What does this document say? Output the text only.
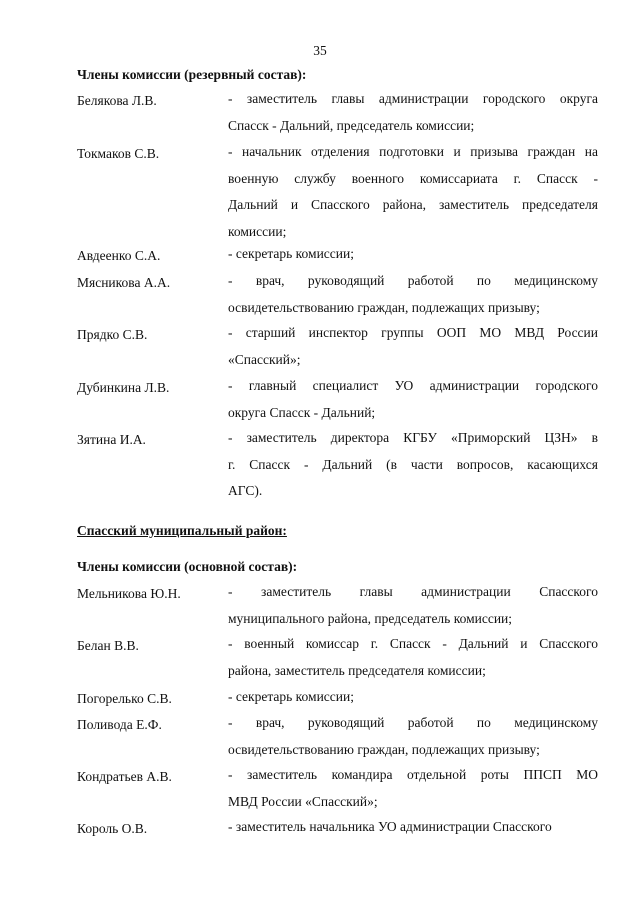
35
Члены комиссии (резервный состав):
Белякова Л.В.	- заместитель главы администрации городского округа
Спасск - Дальний, председатель комиссии;
Токмаков С.В.	- начальник отделения подготовки и призыва граждан на
военную службу военного комиссариата г. Спасск -
Дальний и Спасского района, заместитель председателя
комиссии;
Авдеенко С.А.	- секретарь комиссии;
Мясникова А.А.	- врач, руководящий работой по медицинскому
освидетельствованию граждан, подлежащих призыву;
Прядко С.В.	- старший инспектор группы ООП МО МВД России
«Спасский»;
Дубинкина Л.В.	- главный специалист УО администрации городского
округа Спасск - Дальний;
Зятина И.А.	- заместитель директора КГБУ «Приморский ЦЗН» в
г. Спасск - Дальний (в части вопросов, касающихся
АГС).
Спасский муниципальный район:
Члены комиссии (основной состав):
Мельникова Ю.Н.	- заместитель главы администрации Спасского
муниципального района, председатель комиссии;
Белан В.В.	- военный комиссар г. Спасск - Дальний и Спасского
района, заместитель председателя комиссии;
Погорелько С.В.	- секретарь комиссии;
Поливода Е.Ф.	- врач, руководящий работой по медицинскому
освидетельствованию граждан, подлежащих призыву;
Кондратьев А.В.	- заместитель командира отдельной роты ППСП МО
МВД России «Спасский»;
Король О.В.	- заместитель начальника УО администрации Спасского
